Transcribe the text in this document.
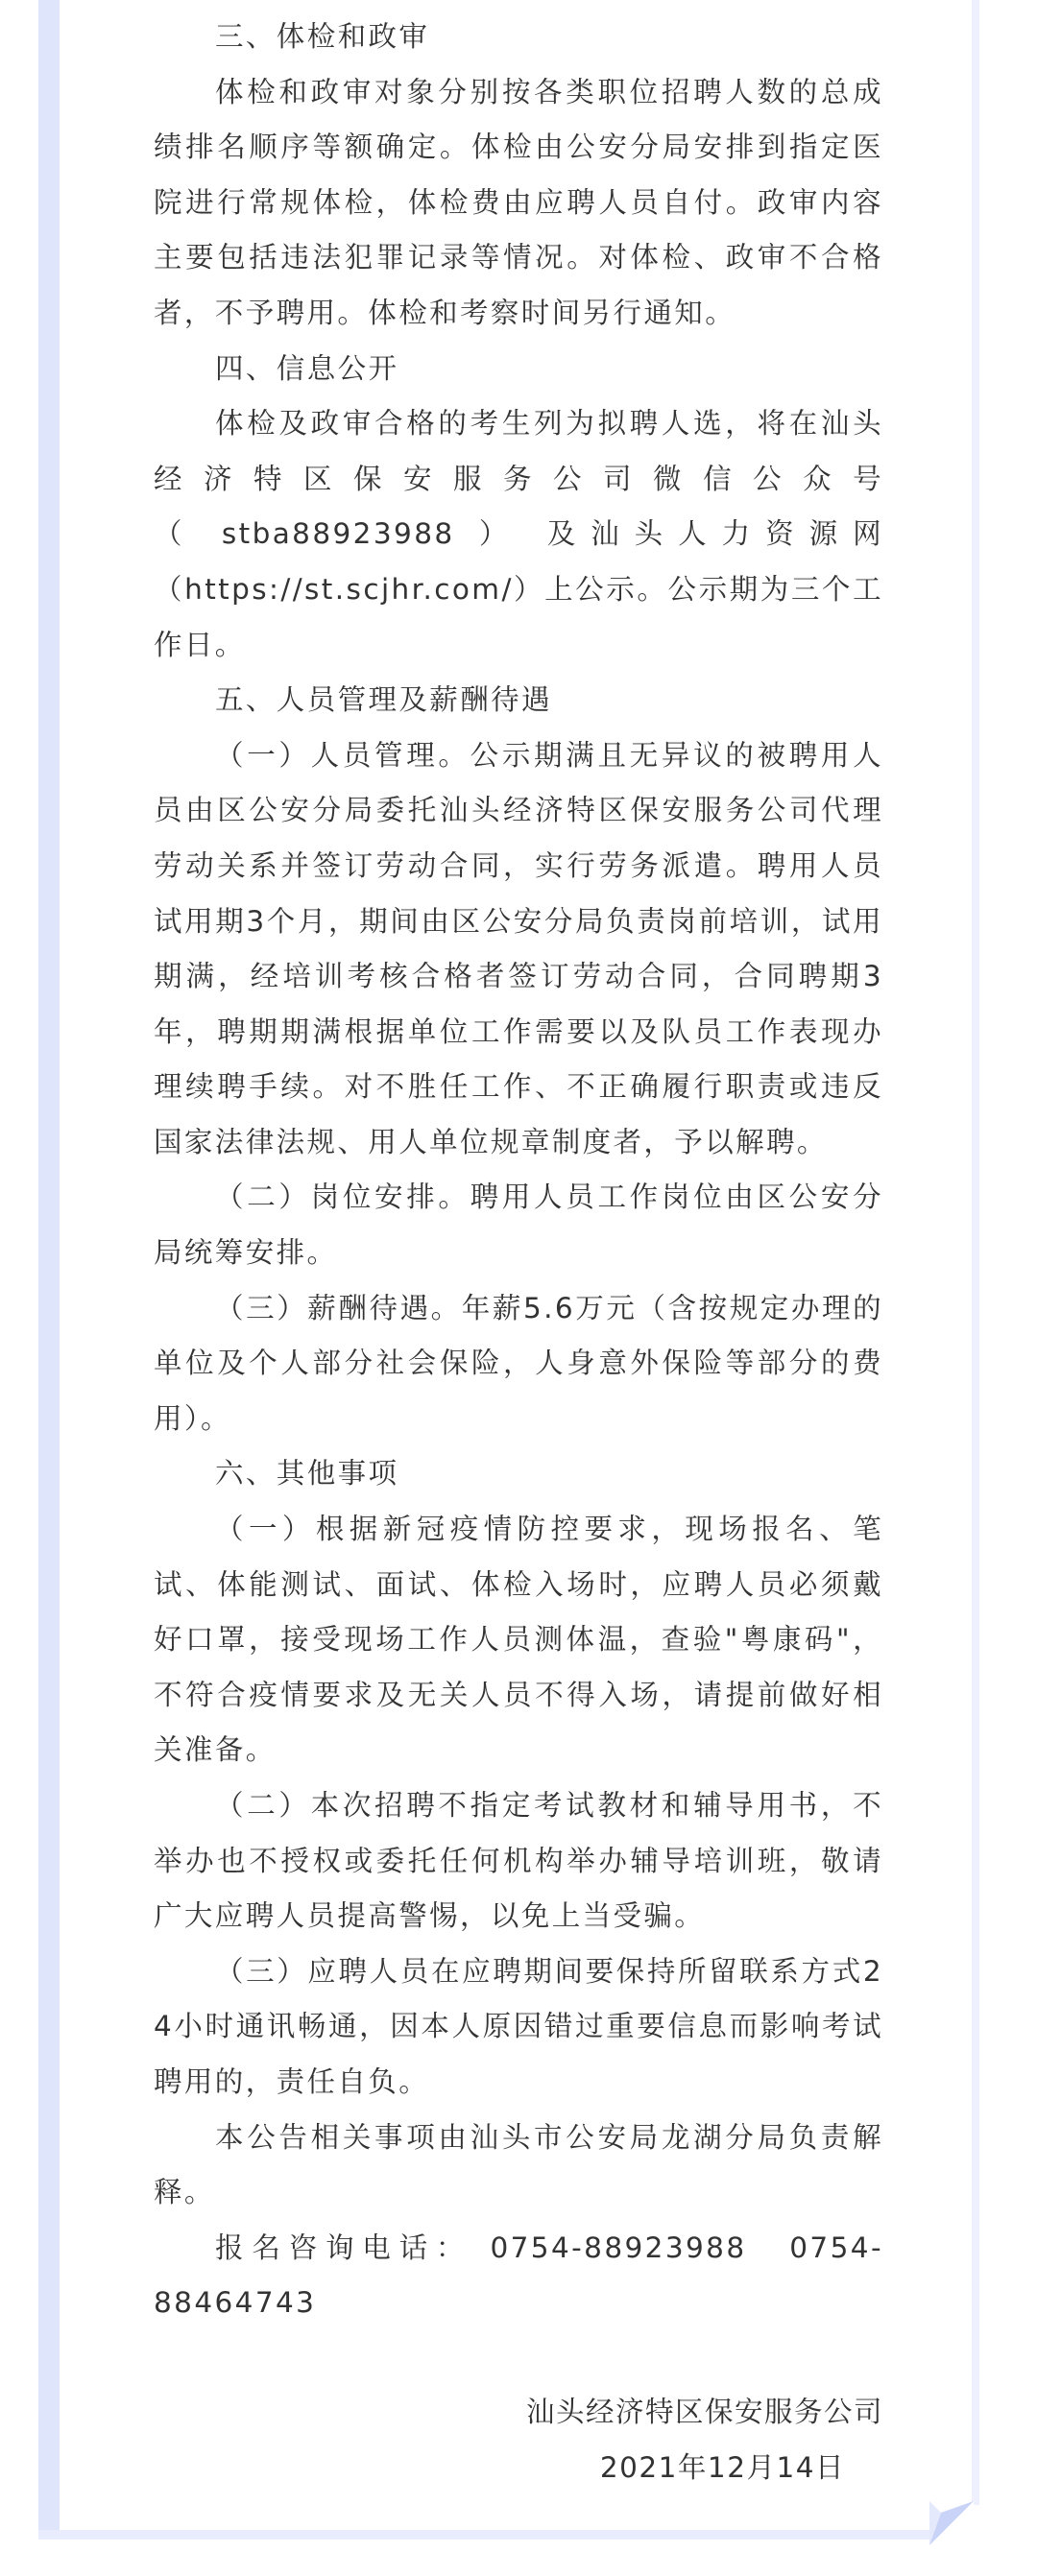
三、体检和政审

体检和政审对象分别按各类职位招聘人数的总成绩排名顺序等额确定。体检由公安分局安排到指定医院进行常规体检，体检费由应聘人员自付。政审内容主要包括违法犯罪记录等情况。对体检、政审不合格者，不予聘用。体检和考察时间另行通知。

四、信息公开

体检及政审合格的考生列为拟聘人选，将在汕头

经济特区保安服务公司微信公众号

（ stba88923988 ） 及汕头人力资源网

（https://st.scjhr.com/）上公示。公示期为三个工作日。

五、人员管理及薪酬待遇

（一）人员管理。公示期满且无异议的被聘用人员由区公安分局委托汕头经济特区保安服务公司代理劳动关系并签订劳动合同，实行劳务派遣。聘用人员试用期3个月，期间由区公安分局负责岗前培训，试用期满，经培训考核合格者签订劳动合同，合同聘期3年，聘期期满根据单位工作需要以及队员工作表现办理续聘手续。对不胜任工作、不正确履行职责或违反国家法律法规、用人单位规章制度者，予以解聘。

（二）岗位安排。聘用人员工作岗位由区公安分局统筹安排。

（三）薪酬待遇。年薪5.6万元（含按规定办理的单位及个人部分社会保险，人身意外保险等部分的费用）。

六、其他事项

（一）根据新冠疫情防控要求，现场报名、笔试、体能测试、面试、体检入场时，应聘人员必须戴好口罩，接受现场工作人员测体温，查验"粤康码"，不符合疫情要求及无关人员不得入场，请提前做好相关准备。

（二）本次招聘不指定考试教材和辅导用书，不举办也不授权或委托任何机构举办辅导培训班，敬请广大应聘人员提高警惕，以免上当受骗。

（三）应聘人员在应聘期间要保持所留联系方式24小时通讯畅通，因本人原因错过重要信息而影响考试聘用的，责任自负。

本公告相关事项由汕头市公安局龙湖分局负责解释。

报名咨询电话： 0754-88923988　0754-

88464743

汕头经济特区保安服务公司

2021年12月14日
